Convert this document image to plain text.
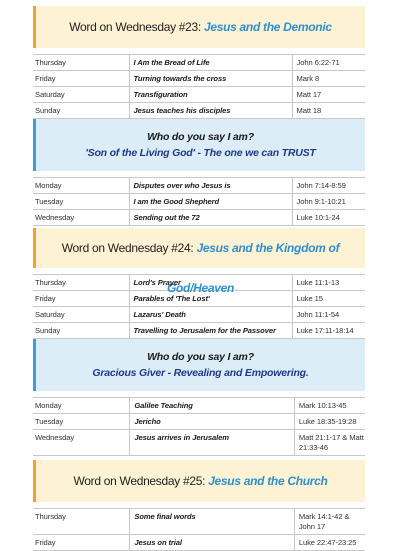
Word on Wednesday #23: Jesus and the Demonic
Thursday	I Am the Bread of Life	John 6:22-71
Friday	Turning towards the cross	Mark 8
Saturday	Transfiguration	Matt 17
Sunday	Jesus teaches his disciples	Matt 18
Who do you say I am?
'Son of the Living God' - The one we can TRUST
Monday	Disputes over who Jesus is	John 7:14-8:59
Tuesday	I am the Good Shepherd	John 9:1-10:21
Wednesday	Sending out the 72	Luke 10:1-24
Word on Wednesday #24: Jesus and the Kingdom of God/Heaven
Thursday	Lord's Prayer	Luke 11:1-13
Friday	Parables of 'The Lost'	Luke 15
Saturday	Lazarus' Death	John 11:1-54
Sunday	Travelling to Jerusalem for the Passover	Luke 17:11-18:14
Who do you say I am?
Gracious Giver - Revealing and Empowering.
Monday	Galilee Teaching	Mark 10:13-45
Tuesday	Jericho	Luke 18:35-19:28
Wednesday	Jesus arrives in Jerusalem	Matt 21:1-17 & Matt 21:33-46
Word on Wednesday #25: Jesus and the Church
Thursday	Some final words	Mark 14:1-42 & John 17
Friday	Jesus on trial	Luke 22:47-23:25
